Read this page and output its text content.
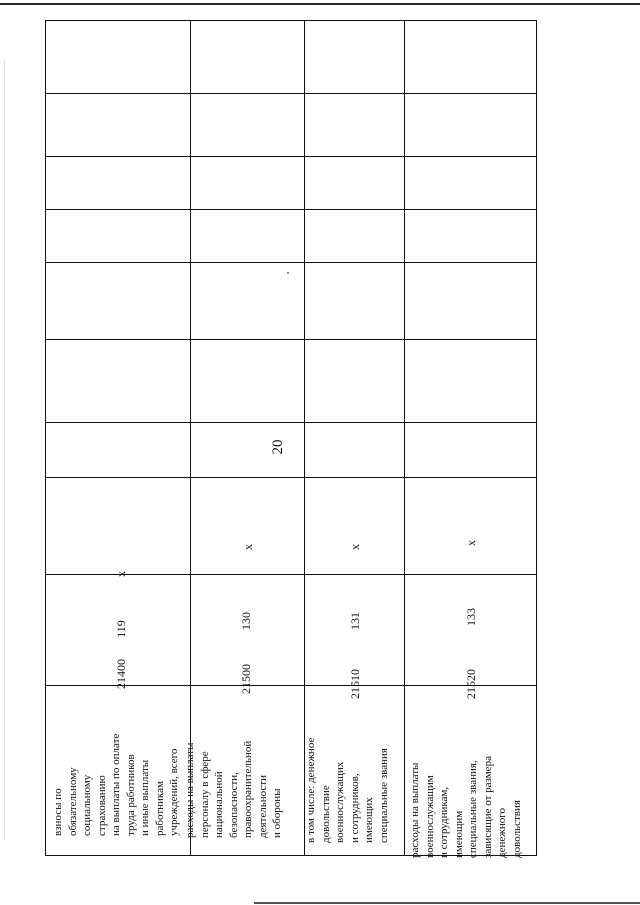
20
x
119
21400
взносы по
обязательному
социальному
страхованию
на выплаты по оплате
труда работников
и иные выплаты
работникам
учреждений, всего
x
130
21500
расходы на выплаты
персоналу в сфере
национальной
безопасности,
правоохранительной
деятельности
и обороны
x
131
21510
в том числе: денежное
довольствие
военнослужащих
и сотрудников,
имеющих
специальные звания
x
133
21520
расходы на выплаты
военнослужащим
и сотрудникам,
имеющим
специальные звания,
зависящие от размера
денежного
довольствия
